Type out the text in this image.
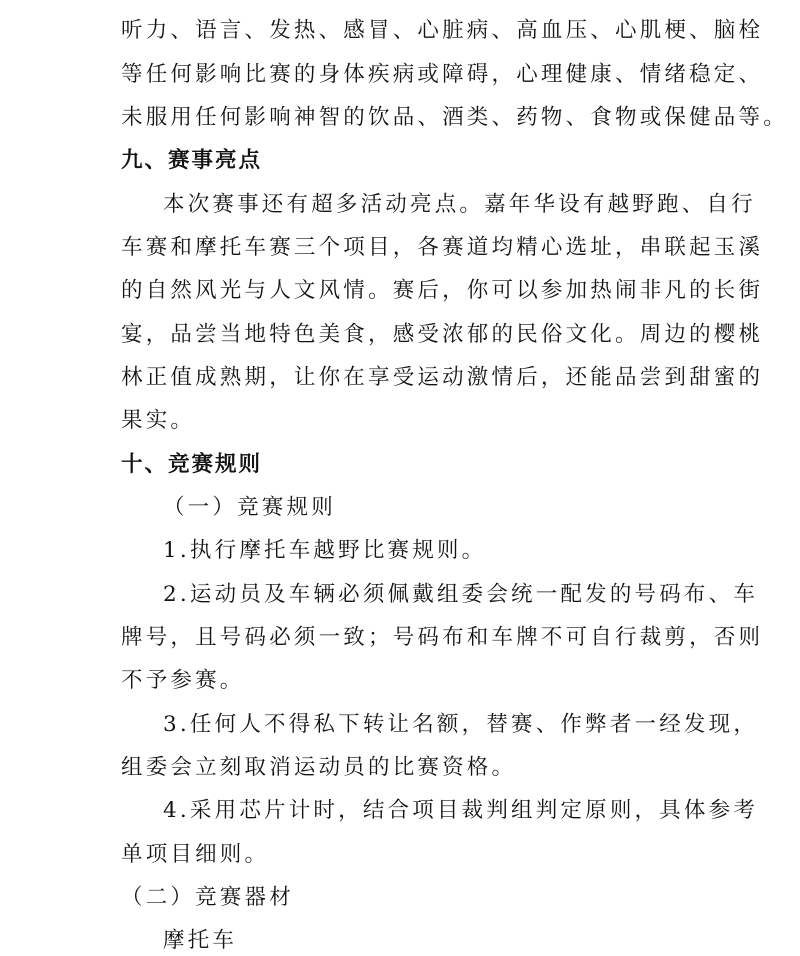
听力、语言、发热、感冒、心脏病、高血压、心肌梗、脑栓
等任何影响比赛的身体疾病或障碍，心理健康、情绪稳定、
未服用任何影响神智的饮品、酒类、药物、食物或保健品等。
九、赛事亮点
本次赛事还有超多活动亮点。嘉年华设有越野跑、自行
车赛和摩托车赛三个项目，各赛道均精心选址，串联起玉溪
的自然风光与人文风情。赛后，你可以参加热闹非凡的长街
宴，品尝当地特色美食，感受浓郁的民俗文化。周边的樱桃
林正值成熟期，让你在享受运动激情后，还能品尝到甜蜜的
果实。
十、竞赛规则
（一）竞赛规则
1.执行摩托车越野比赛规则。
2.运动员及车辆必须佩戴组委会统一配发的号码布、车
牌号，且号码必须一致；号码布和车牌不可自行裁剪，否则
不予参赛。
3.任何人不得私下转让名额，替赛、作弊者一经发现，
组委会立刻取消运动员的比赛资格。
4.采用芯片计时，结合项目裁判组判定原则，具体参考
单项目细则。
（二）竞赛器材
摩托车
